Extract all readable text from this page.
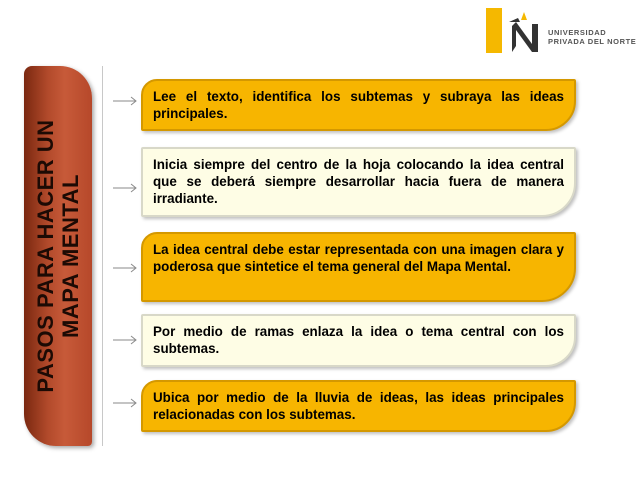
UNIVERSIDAD
PRIVADA DEL NORTE
PASOS PARA HACER UN MAPA MENTAL
Lee el texto, identifica los subtemas y subraya las ideas principales.
Inicia siempre del centro de la hoja colocando la idea central que se deberá siempre desarrollar hacia fuera de manera irradiante.
La idea central debe estar representada con una imagen clara y poderosa que sintetice el tema general del Mapa Mental.
Por medio de ramas enlaza la idea o tema central con los subtemas.
Ubica por medio de la lluvia de ideas, las ideas principales relacionadas con los subtemas.
